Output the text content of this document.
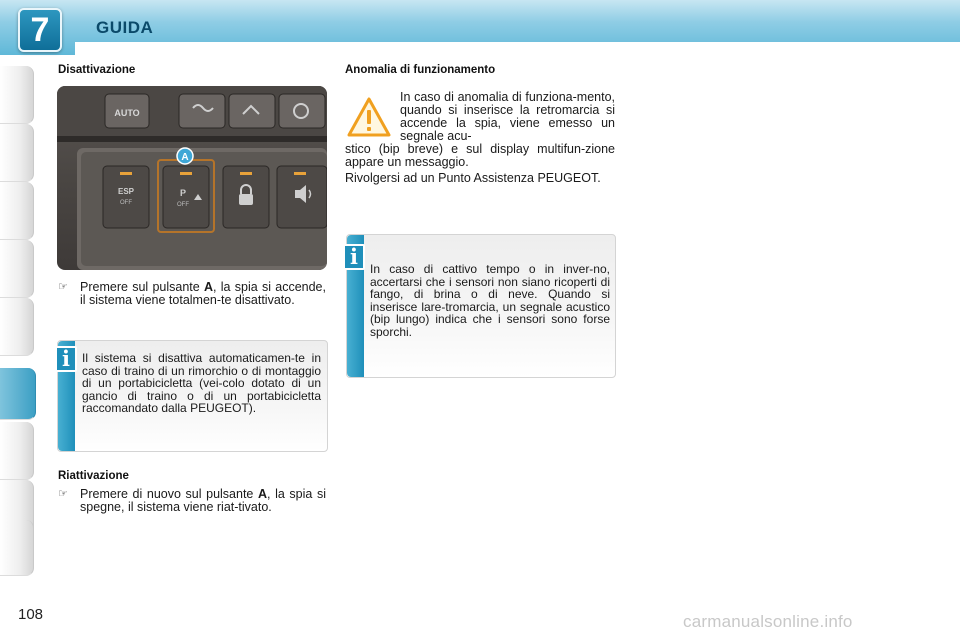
7	GUIDA
Disattivazione
AUTO
ESP
OFF
P
OFF
A
☞ Premere sul pulsante A, la spia si accende, il sistema viene totalmen-te disattivato.
i	Il sistema si disattiva automaticamen-te in caso di traino di un rimorchio o di montaggio di un portabicicletta (vei-colo dotato di un gancio di traino o di un portabicicletta raccomandato dalla PEUGEOT).
Riattivazione
☞ Premere di nuovo sul pulsante A, la spia si spegne, il sistema viene riat-tivato.
Anomalia di funzionamento
In caso di anomalia di funziona-mento, quando si inserisce la retromarcia si accende la spia, viene emesso un segnale acu-
stico (bip breve) e sul display multifun-zione appare un messaggio.
Rivolgersi ad un Punto Assistenza PEUGEOT.
i	In caso di cattivo tempo o in inver-no, accertarsi che i sensori non siano ricoperti di fango, di brina o di neve. Quando si inserisce lare-tromarcia, un segnale acustico (bip lungo) indica che i sensori sono forse sporchi.
108	carmanualsonline.info
